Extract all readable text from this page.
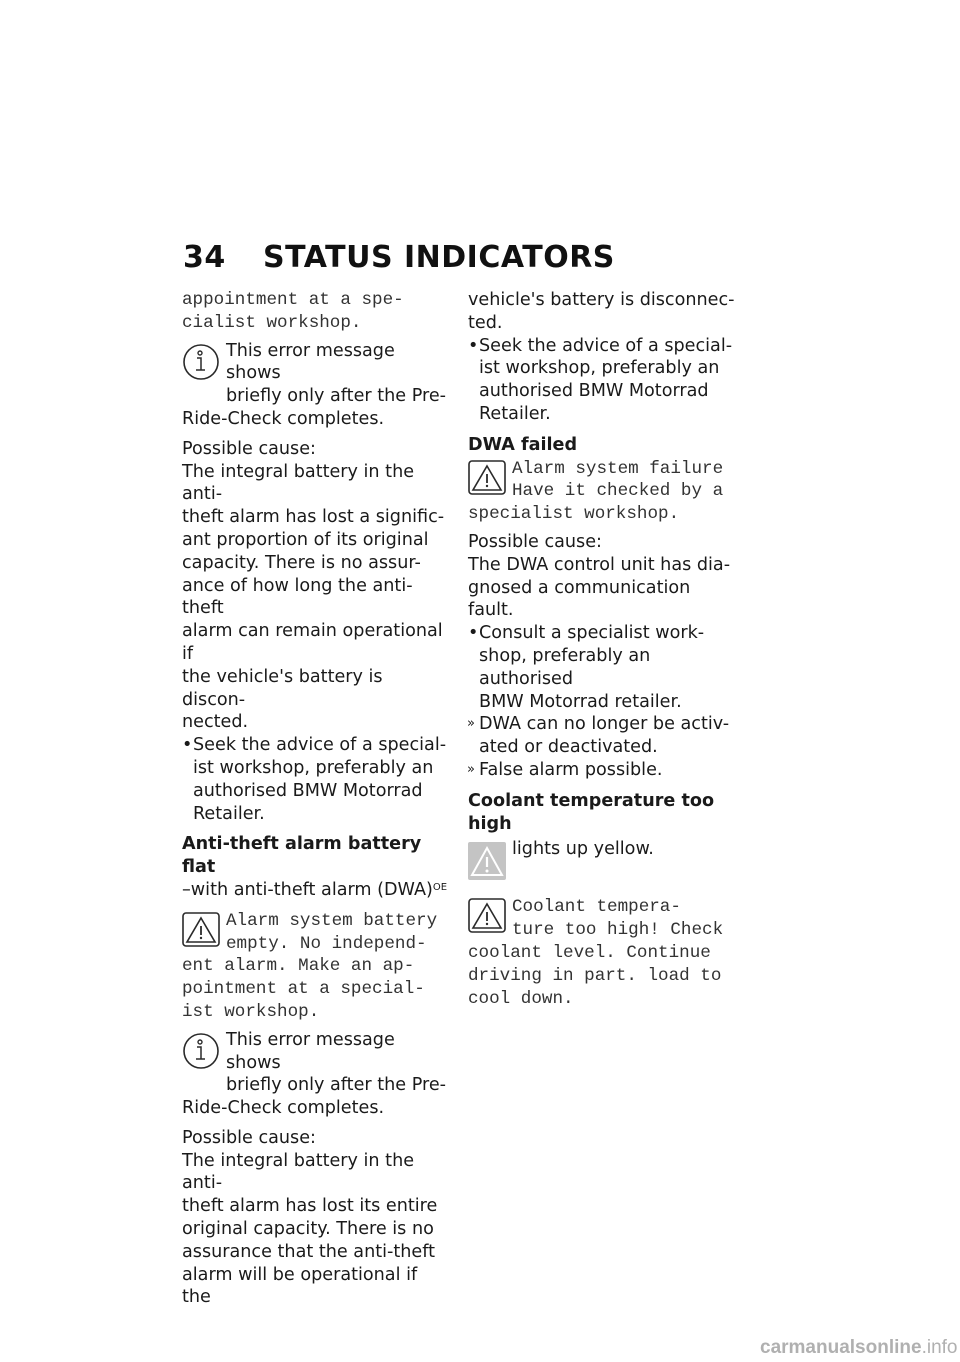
34 STATUS INDICATORS
appointment at a spe-
cialist workshop.
This error message shows
briefly only after the Pre-
Ride-Check completes.
Possible cause:
The integral battery in the anti-
theft alarm has lost a signific-
ant proportion of its original
capacity. There is no assur-
ance of how long the anti-theft
alarm can remain operational if
the vehicle's battery is discon-
nected.
• Seek the advice of a special-
ist workshop, preferably an
authorised BMW Motorrad
Retailer.
Anti-theft alarm battery flat
–with anti-theft alarm (DWA)$^{OE}$
Alarm system battery
empty. No independ-
ent alarm. Make an ap-
pointment at a special-
ist workshop.
This error message shows
briefly only after the Pre-
Ride-Check completes.
Possible cause:
The integral battery in the anti-
theft alarm has lost its entire
original capacity. There is no
assurance that the anti-theft
alarm will be operational if the
vehicle's battery is disconnec-
ted.
• Seek the advice of a special-
ist workshop, preferably an
authorised BMW Motorrad
Retailer.
DWA failed
Alarm system failure
Have it checked by a
specialist workshop.
Possible cause:
The DWA control unit has dia-
gnosed a communication fault.
• Consult a specialist work-
shop, preferably an authorised
BMW Motorrad retailer.
» DWA can no longer be activ-
ated or deactivated.
» False alarm possible.
Coolant temperature too high
lights up yellow.
Coolant tempera-
ture too high! Check
coolant level. Continue
driving in part. load to
cool down.
carmanualsonline.info
